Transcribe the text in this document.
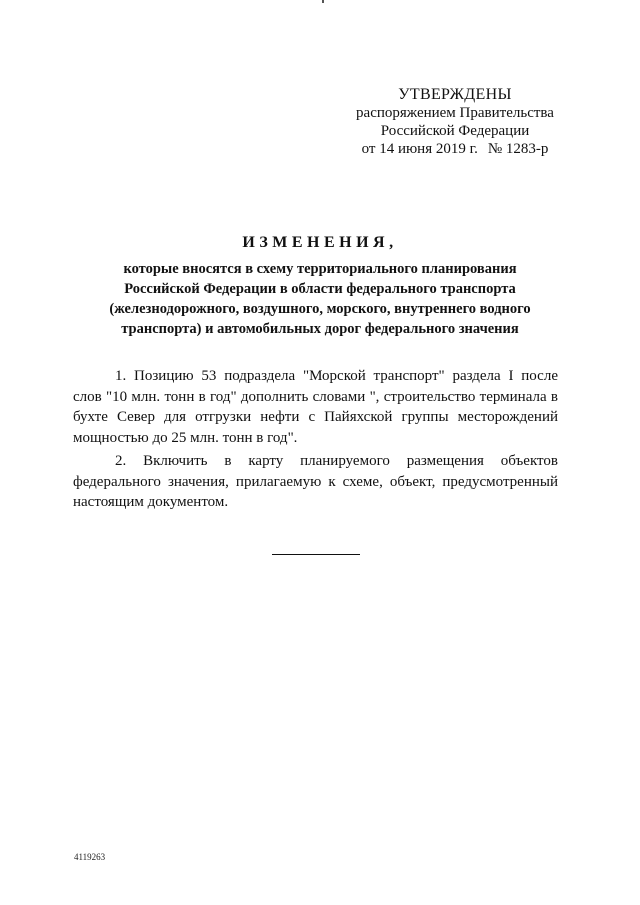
УТВЕРЖДЕНЫ
распоряжением Правительства
Российской Федерации
от 14 июня 2019 г. № 1283-р
ИЗМЕНЕНИЯ,
которые вносятся в схему территориального планирования
Российской Федерации в области федерального транспорта
(железнодорожного, воздушного, морского, внутреннего водного
транспорта) и автомобильных дорог федерального значения

1. Позицию 53 подраздела "Морской транспорт" раздела I после слов "10 млн. тонн в год" дополнить словами ", строительство терминала в бухте Север для отгрузки нефти с Пайяхской группы месторождений мощностью до 25 млн. тонн в год".

2. Включить в карту планируемого размещения объектов федерального значения, прилагаемую к схеме, объект, предусмотренный настоящим документом.

4119263
